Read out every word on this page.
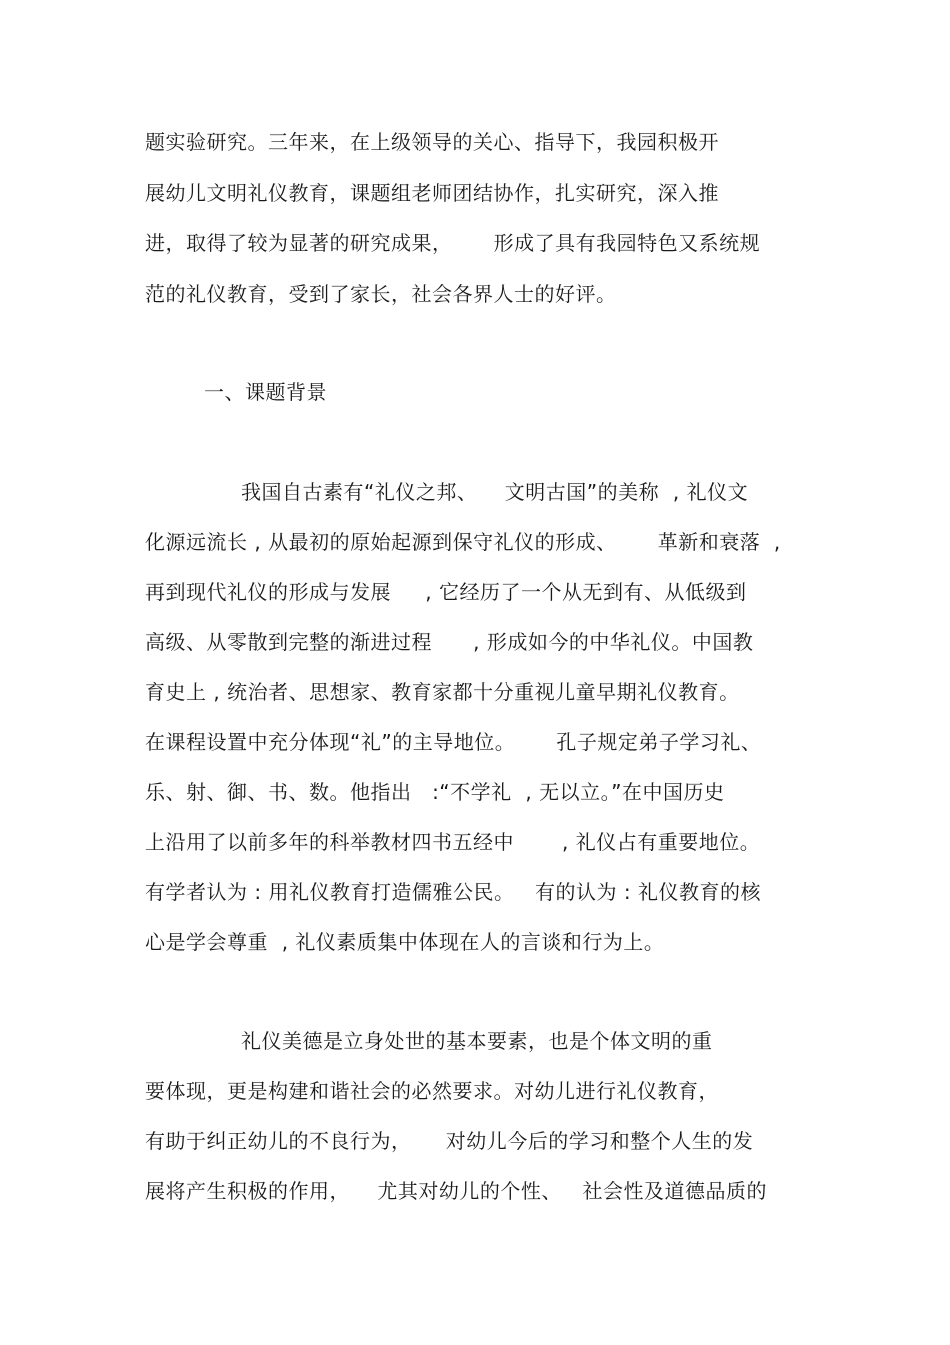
题实验研究。三年来，在上级领导的关心、指导下，我园积极开
展幼儿文明礼仪教育，课题组老师团结协作，扎实研究，深入推
进，取得了较为显著的研究成果，      形成了具有我园特色又系统规
范的礼仪教育，受到了家长，社会各界人士的好评。
一、课题背景
我国自古素有“礼仪之邦、    文明古国”的美称  , 礼仪文
化源远流长 , 从最初的原始起源到保守礼仪的形成、      革新和衰落  ,
再到现代礼仪的形成与发展     , 它经历了一个从无到有、从低级到
高级、从零散到完整的渐进过程      , 形成如今的中华礼仪。中国教
育史上 , 统治者、思想家、教育家都十分重视儿童早期礼仪教育。
在课程设置中充分体现“礼”的主导地位。      孔子规定弟子学习礼、
乐、射、御、书、数。他指出   :“不学礼  , 无以立。”在中国历史
上沿用了以前多年的科举教材四书五经中       , 礼仪占有重要地位。
有学者认为 : 用礼仪教育打造儒雅公民。   有的认为 : 礼仪教育的核
心是学会尊重  , 礼仪素质集中体现在人的言谈和行为上。
礼仪美德是立身处世的基本要素，也是个体文明的重
要体现，更是构建和谐社会的必然要求。对幼儿进行礼仪教育，
有助于纠正幼儿的不良行为，     对幼儿今后的学习和整个人生的发
展将产生积极的作用，    尤其对幼儿的个性、   社会性及道德品质的
